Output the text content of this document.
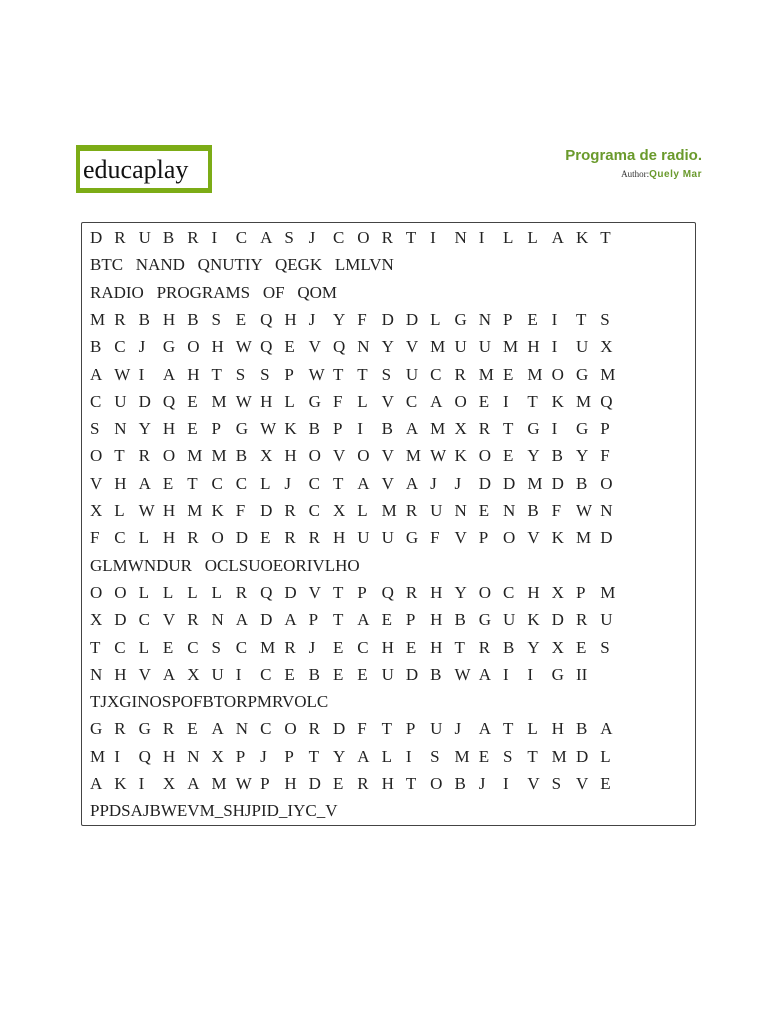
educaplay	Programa de radio.
Author:Quely Mar
D R U B R I C A S J C O R T I N I L L A K T
BTC   NAND   QNUTIY   QEGK   LMLVN
RADIO   PROGRAMS   OF   QOM
M R B H B S E Q H J Y F D D L G N P E I T S
B C J G O H W Q E V Q N Y V M U U M H I U X
A W I A H T S S P W T T S U C R M E M O G M
C U D Q E M W H L G F L V C A O E I T K M Q
S N Y H E P G W K B P I B A M X R T G I G P
O T R O M M B X H O V O V M W K O E Y B Y F
V H A E T C C L J C T A V A J J D D M D B O
X L W H M K F D R C X L M R U N E N B F W N
F C L H R O D E R R H U U G F V P O V K M D
GLMWNDUR   OCLSUOEORIVLHO
O O L L L L R Q D V T P Q R H Y O C H X P M
X D C V R N A D A P T A E P H B G U K D R U
T C L E C S C M R J E C H E H T R B Y X E S
N H V A X U I C E B E E U D B W A I I G II
TJXGINOSPOFBTORPMRVOLC
G R G R E A N C O R D F T P U J A T L H B A
M I Q H N X P J P T Y A L I S M E S T M D L
A K I X A M W P H D E R H T O B J I V S V E
PPDSAJBWEVM_SHJPID_IYC_V
